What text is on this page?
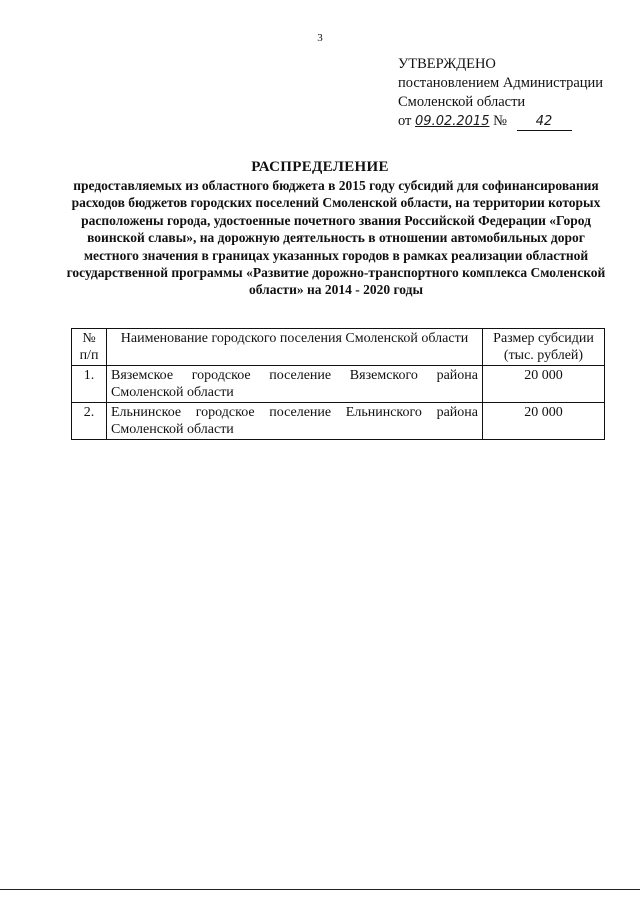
3
УТВЕРЖДЕНО
постановлением Администрации
Смоленской области
от 09.02.2015 № 42
РАСПРЕДЕЛЕНИЕ
предоставляемых из областного бюджета в 2015 году субсидий для софинансирования расходов бюджетов городских поселений Смоленской области, на территории которых расположены города, удостоенные почетного звания Российской Федерации «Город воинской славы», на дорожную деятельность в отношении автомобильных дорог местного значения в границах указанных городов в рамках реализации областной государственной программы «Развитие дорожно-транспортного комплекса Смоленской области» на 2014 - 2020 годы
№ п/п	Наименование городского поселения Смоленской области	Размер субсидии (тыс. рублей)
1.	Вяземское городское поселение Вяземского района Смоленской области	20 000
2.	Ельнинское городское поселение Ельнинского района Смоленской области	20 000
